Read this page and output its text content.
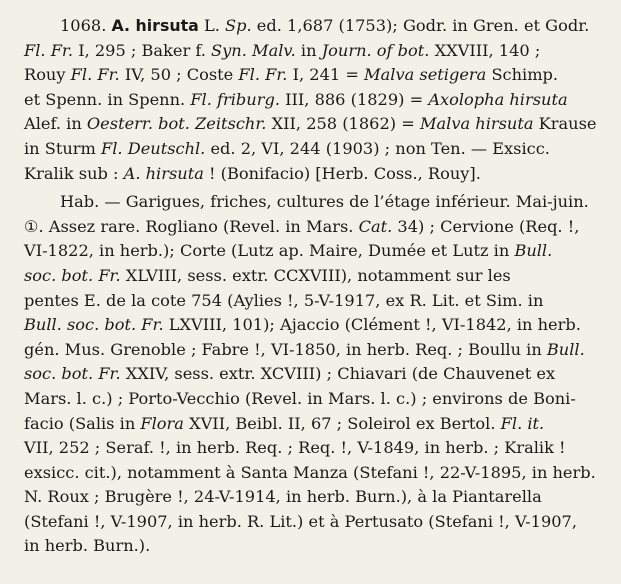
1068. A. hirsuta L. Sp. ed. 1,687 (1753); Godr. in Gren. et Godr.
Fl. Fr. I, 295 ; Baker f. Syn. Malv. in Journ. of bot. XXVIII, 140 ;
Rouy Fl. Fr. IV, 50 ; Coste Fl. Fr. I, 241 = Malva setigera Schimp.
et Spenn. in Spenn. Fl. friburg. III, 886 (1829) = Axolopha hirsuta
Alef. in Oesterr. bot. Zeitschr. XII, 258 (1862) = Malva hirsuta Krause
in Sturm Fl. Deutschl. ed. 2, VI, 244 (1903) ; non Ten. — Exsicc.
Kralik sub : A. hirsuta ! (Bonifacio) [Herb. Coss., Rouy].

Hab. — Garigues, friches, cultures de l’étage inférieur. Mai-juin.
①. Assez rare. Rogliano (Revel. in Mars. Cat. 34) ; Cervione (Req. !,
VI-1822, in herb.); Corte (Lutz ap. Maire, Dumée et Lutz in Bull.
soc. bot. Fr. XLVIII, sess. extr. CCXVIII), notamment sur les
pentes E. de la cote 754 (Aylies !, 5-V-1917, ex R. Lit. et Sim. in
Bull. soc. bot. Fr. LXVIII, 101); Ajaccio (Clément !, VI-1842, in herb.
gén. Mus. Grenoble ; Fabre !, VI-1850, in herb. Req. ; Boullu in Bull.
soc. bot. Fr. XXIV, sess. extr. XCVIII) ; Chiavari (de Chauvenet ex
Mars. l. c.) ; Porto-Vecchio (Revel. in Mars. l. c.) ; environs de Boni-
facio (Salis in Flora XVII, Beibl. II, 67 ; Soleirol ex Bertol. Fl. it.
VII, 252 ; Seraf. !, in herb. Req. ; Req. !, V-1849, in herb. ; Kralik !
exsicc. cit.), notamment à Santa Manza (Stefani !, 22-V-1895, in herb.
N. Roux ; Brugère !, 24-V-1914, in herb. Burn.), à la Piantarella
(Stefani !, V-1907, in herb. R. Lit.) et à Pertusato (Stefani !, V-1907,
in herb. Burn.).
